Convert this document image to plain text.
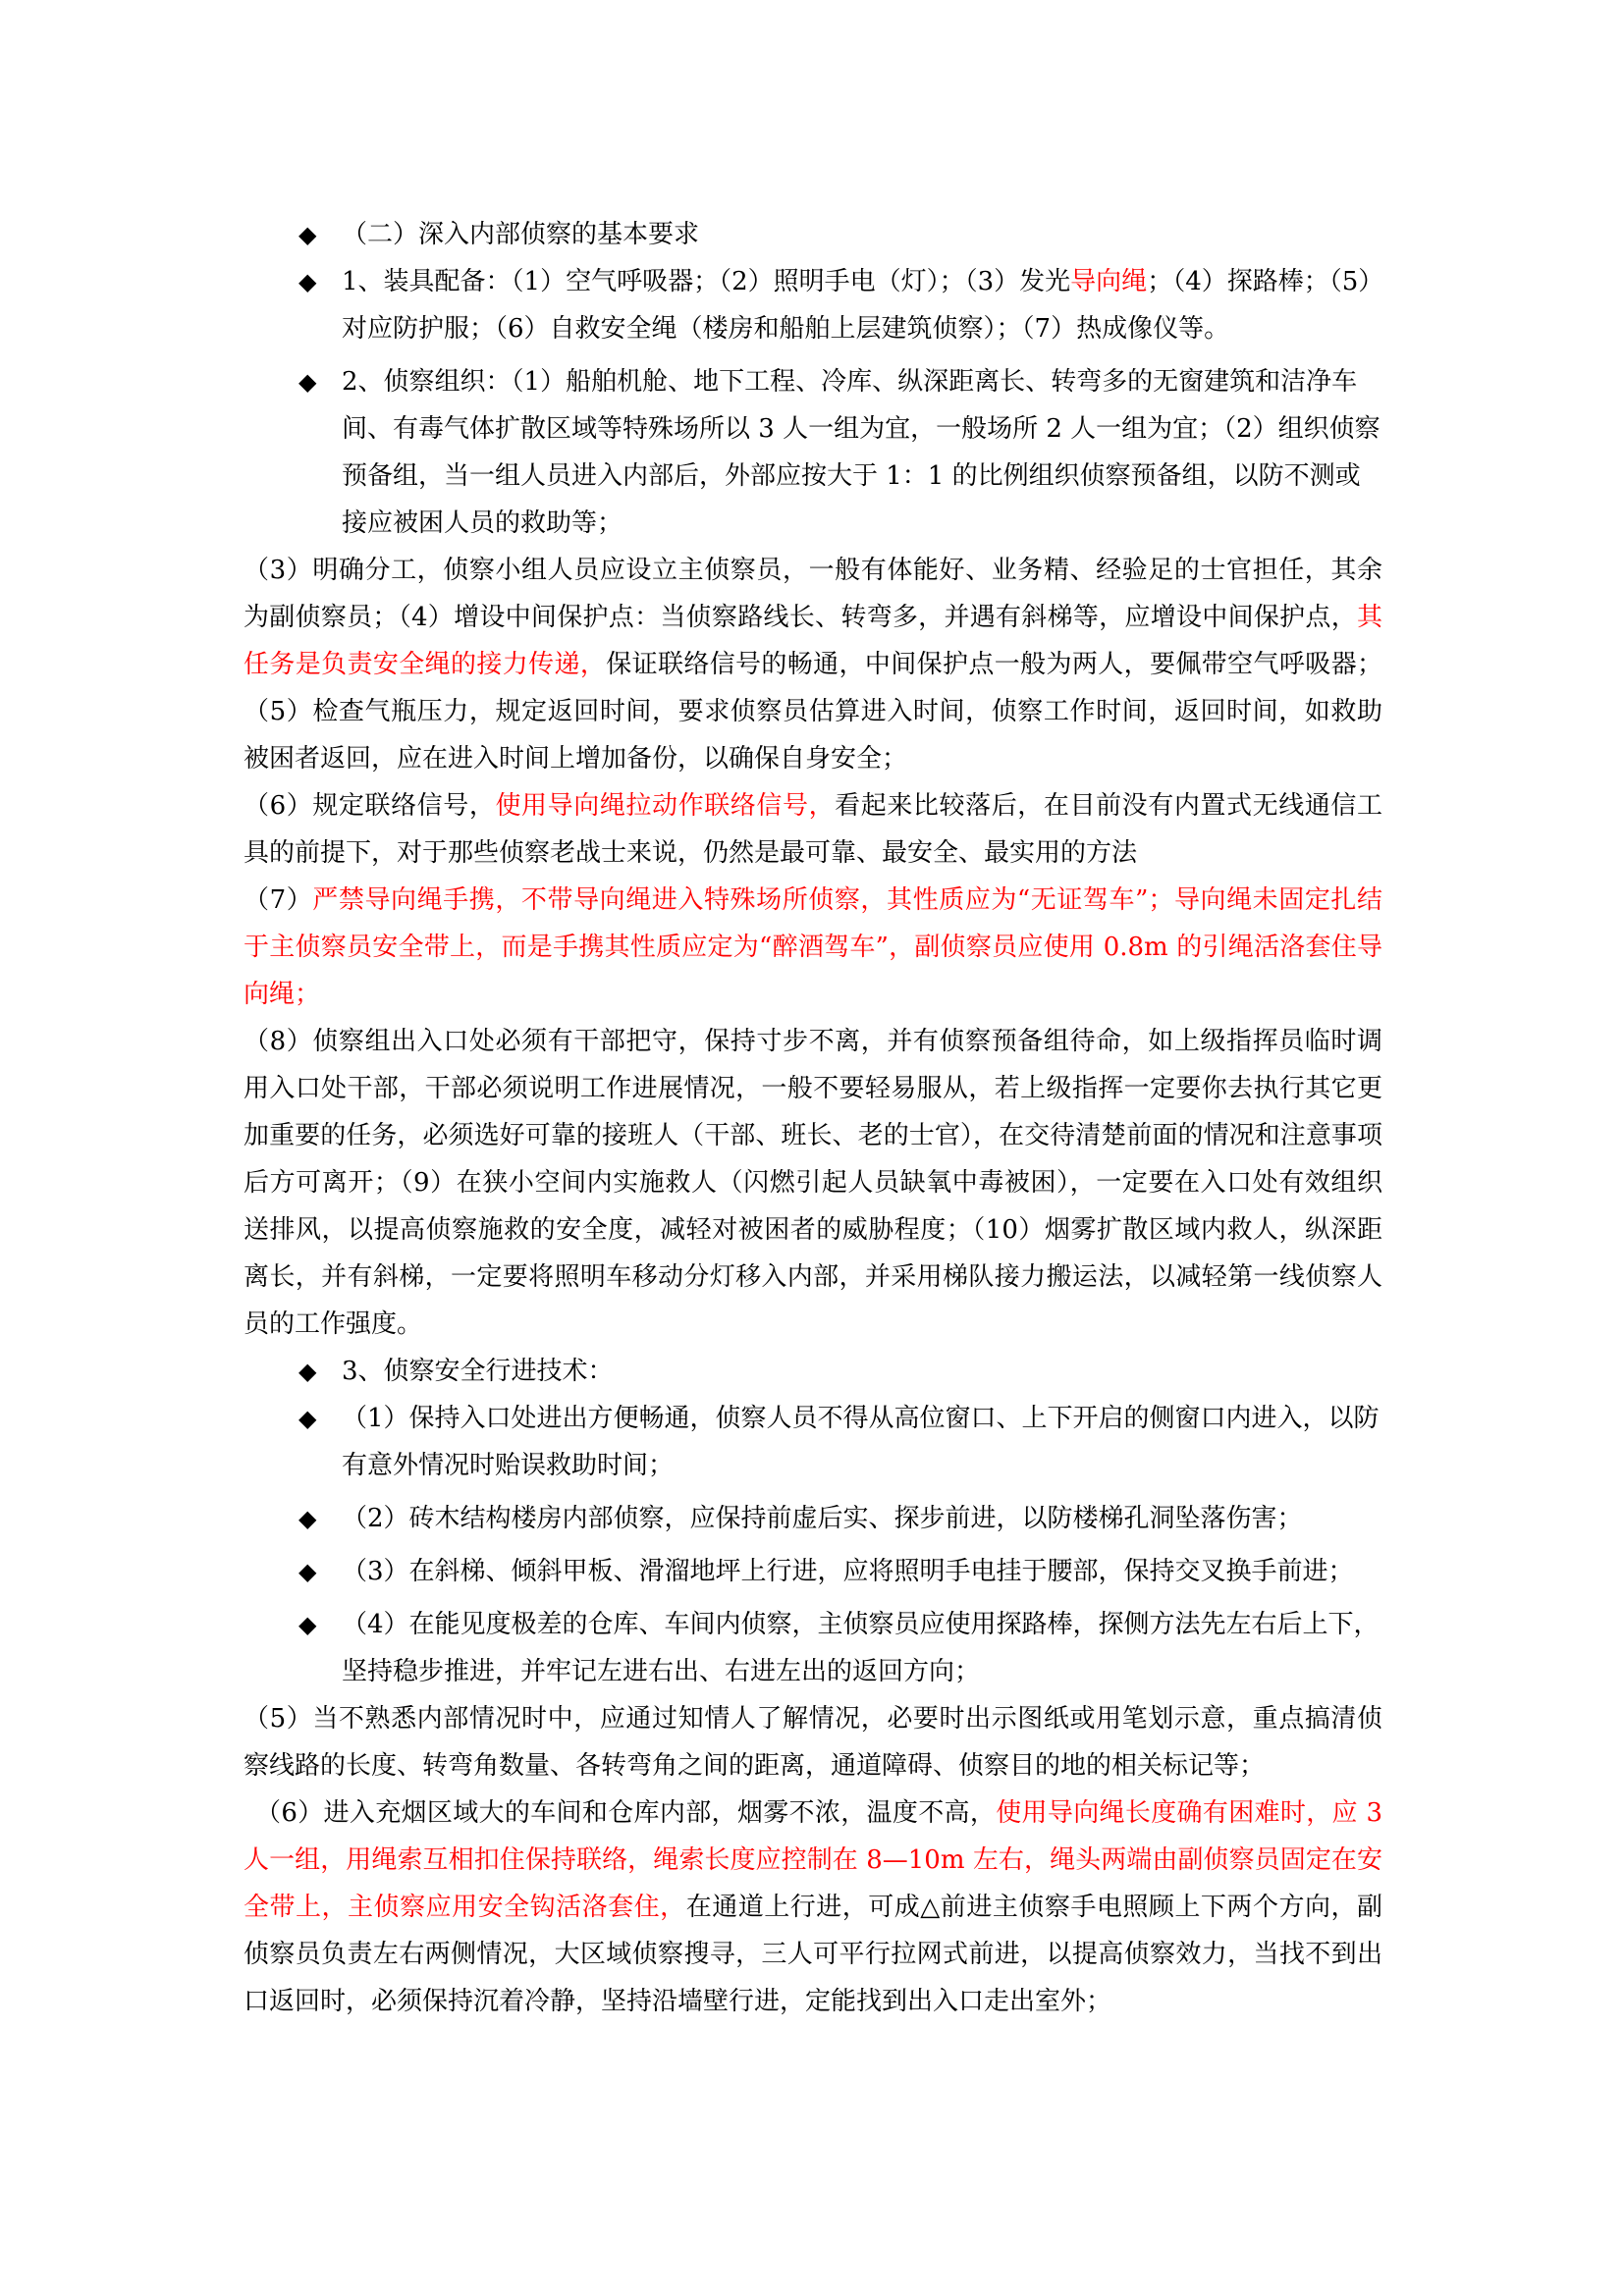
◆ （二）深入内部侦察的基本要求

◆ 1、装具配备：（1）空气呼吸器；（2）照明手电（灯）；（3）发光导向绳；（4）探路棒；（5）对应防护服；（6）自救安全绳（楼房和船舶上层建筑侦察）；（7）热成像仪等。

◆ 2、侦察组织：（1）船舶机舱、地下工程、冷库、纵深距离长、转弯多的无窗建筑和洁净车间、有毒气体扩散区域等特殊场所以 3 人一组为宜，一般场所 2 人一组为宜；（2）组织侦察预备组，当一组人员进入内部后，外部应按大于 1：1 的比例组织侦察预备组，以防不测或接应被困人员的救助等；

（3）明确分工，侦察小组人员应设立主侦察员，一般有体能好、业务精、经验足的士官担任，其余为副侦察员；（4）增设中间保护点：当侦察路线长、转弯多，并遇有斜梯等，应增设中间保护点，其任务是负责安全绳的接力传递，保证联络信号的畅通，中间保护点一般为两人，要佩带空气呼吸器；（5）检查气瓶压力，规定返回时间，要求侦察员估算进入时间，侦察工作时间，返回时间，如救助被困者返回，应在进入时间上增加备份，以确保自身安全；

（6）规定联络信号，使用导向绳拉动作联络信号，看起来比较落后，在目前没有内置式无线通信工具的前提下，对于那些侦察老战士来说，仍然是最可靠、最安全、最实用的方法

（7）严禁导向绳手携，不带导向绳进入特殊场所侦察，其性质应为“无证驾车”；导向绳未固定扎结于主侦察员安全带上，而是手携其性质应定为“醉酒驾车”，副侦察员应使用 0.8m 的引绳活洛套住导向绳；

（8）侦察组出入口处必须有干部把守，保持寸步不离，并有侦察预备组待命，如上级指挥员临时调用入口处干部，干部必须说明工作进展情况，一般不要轻易服从，若上级指挥一定要你去执行其它更加重要的任务，必须选好可靠的接班人（干部、班长、老的士官），在交待清楚前面的情况和注意事项后方可离开；（9）在狭小空间内实施救人（闪燃引起人员缺氧中毒被困），一定要在入口处有效组织送排风，以提高侦察施救的安全度，减轻对被困者的威胁程度；（10）烟雾扩散区域内救人，纵深距离长，并有斜梯，一定要将照明车移动分灯移入内部，并采用梯队接力搬运法，以减轻第一线侦察人员的工作强度。

◆ 3、侦察安全行进技术：

◆ （1）保持入口处进出方便畅通，侦察人员不得从高位窗口、上下开启的侧窗口内进入，以防有意外情况时贻误救助时间；

◆ （2）砖木结构楼房内部侦察，应保持前虚后实、探步前进，以防楼梯孔洞坠落伤害；

◆ （3）在斜梯、倾斜甲板、滑溜地坪上行进，应将照明手电挂于腰部，保持交叉换手前进；

◆ （4）在能见度极差的仓库、车间内侦察，主侦察员应使用探路棒，探侧方法先左右后上下，坚持稳步推进，并牢记左进右出、右进左出的返回方向；

（5）当不熟悉内部情况时中，应通过知情人了解情况，必要时出示图纸或用笔划示意，重点搞清侦察线路的长度、转弯角数量、各转弯角之间的距离，通道障碍、侦察目的地的相关标记等；

（6）进入充烟区域大的车间和仓库内部，烟雾不浓，温度不高，使用导向绳长度确有困难时，应 3 人一组，用绳索互相扣住保持联络，绳索长度应控制在 8—10m 左右，绳头两端由副侦察员固定在安全带上，主侦察应用安全钩活洛套住，在通道上行进，可成△前进主侦察手电照顾上下两个方向，副侦察员负责左右两侧情况，大区域侦察搜寻，三人可平行拉网式前进，以提高侦察效力，当找不到出口返回时，必须保持沉着冷静，坚持沿墙壁行进，定能找到出入口走出室外；
